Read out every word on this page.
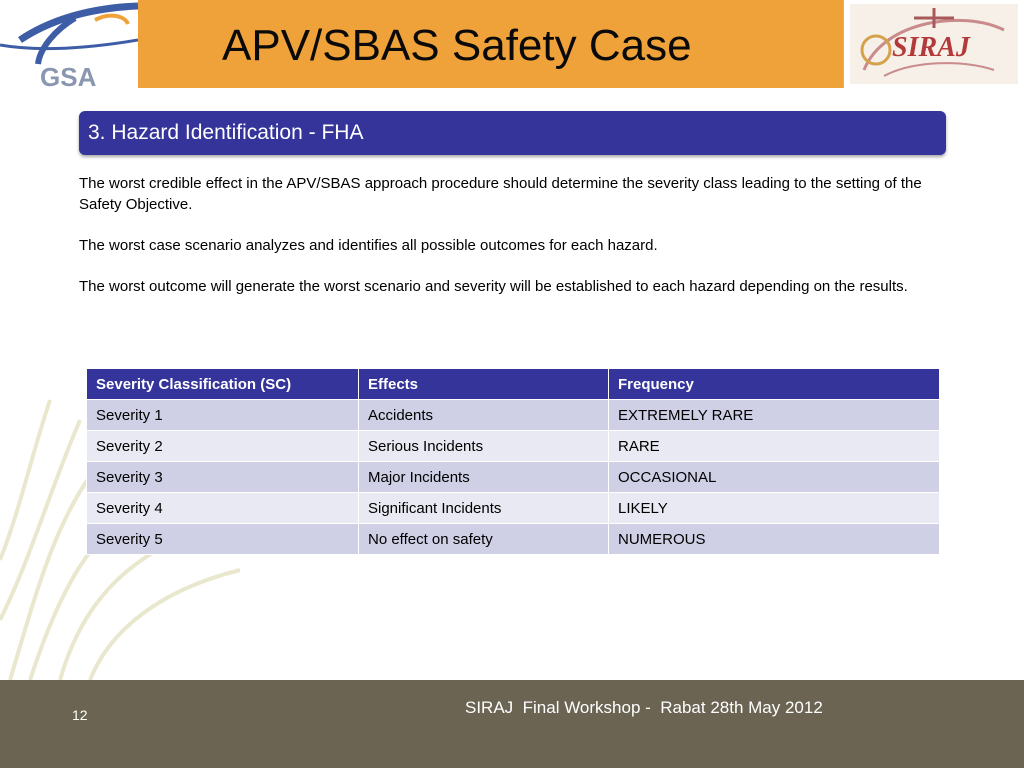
GSA
APV/SBAS Safety Case	SIRAJ
3. Hazard Identification - FHA

The worst credible effect in the APV/SBAS approach procedure should determine the severity class leading to the setting of the Safety Objective.

The worst case scenario analyzes and identifies all possible outcomes for each hazard.

The worst outcome will generate the worst scenario and severity will be established to each hazard depending on the results.

Severity Classification (SC)	Effects	Frequency
Severity 1	Accidents	EXTREMELY RARE
Severity 2	Serious Incidents	RARE
Severity 3	Major Incidents	OCCASIONAL
Severity 4	Significant Incidents	LIKELY
Severity 5	No effect on safety	NUMEROUS
12	SIRAJ  Final Workshop -  Rabat 28th May 2012
